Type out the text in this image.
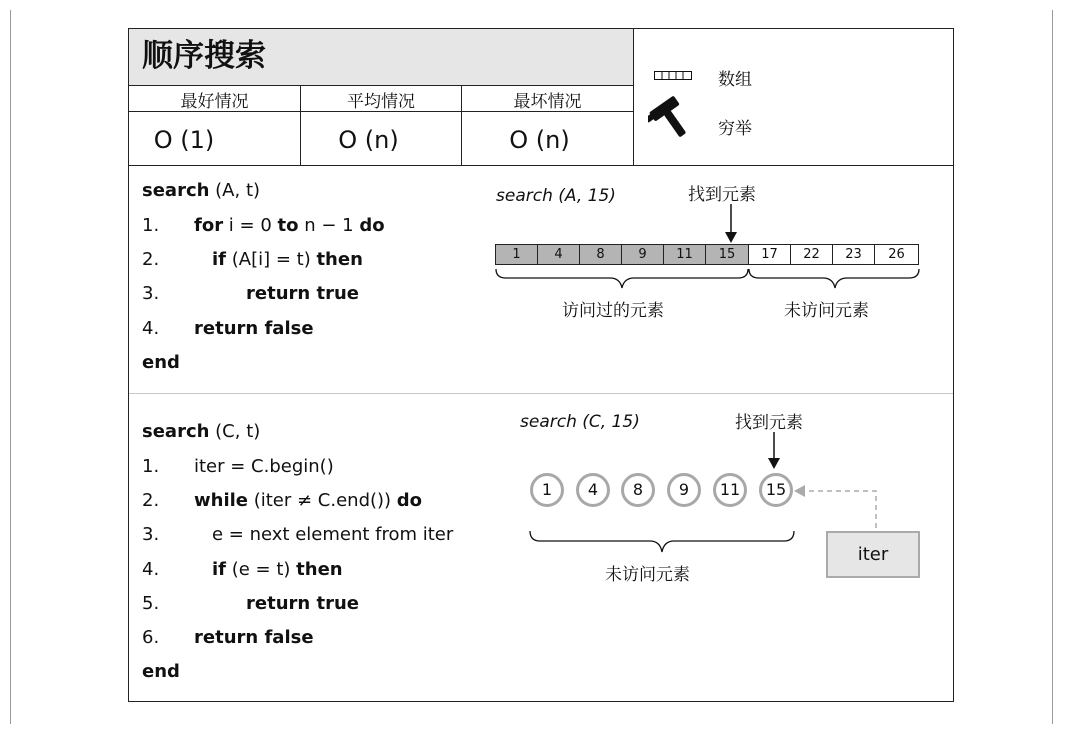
顺序搜索
最好情况	平均情况	最坏情况
O (1)	O (n)	O (n)
数组
穷举
search (A, t)
1. for i = 0 to n − 1 do
2.	if (A[i] = t) then
3.	return true
4. return false
end
search (A, 15)	找到元素
1	4	8	9	11	15	17	22	23	26
访问过的元素	未访问元素
search (C, t)
1. iter = C.begin()
2. while (iter ≠ C.end()) do
3.	e = next element from iter
4.	if (e = t) then
5.	return true
6. return false
end
search (C, 15)	找到元素
1	4	8	9	11	15
iter
未访问元素
